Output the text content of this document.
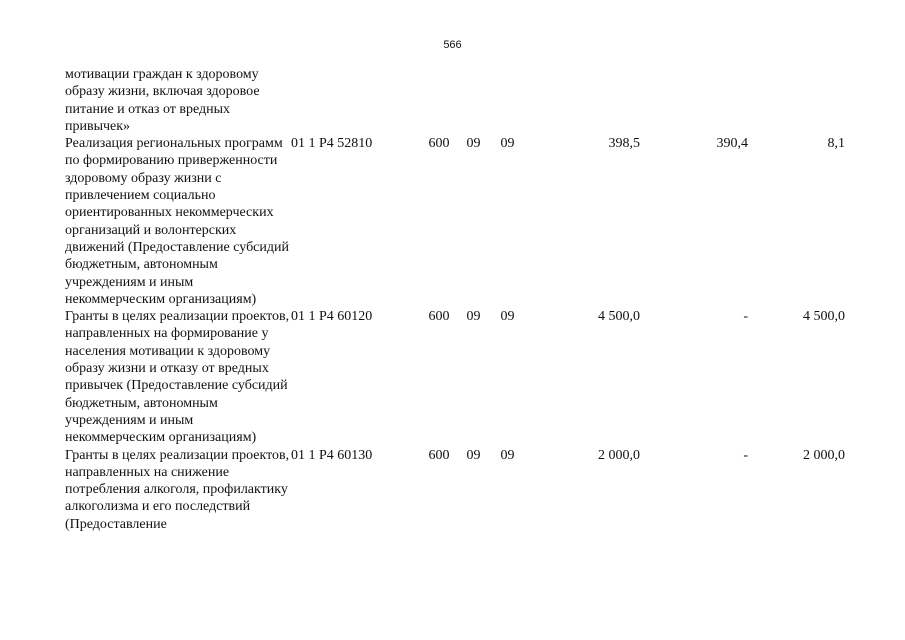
566
мотивации граждан к здоровому образу жизни, включая здоровое питание и отказ от вредных привычек»							
Реализация региональных программ по формированию приверженности здоровому образу жизни с привлечением социально ориентированных некоммерческих организаций и волонтерских движений (Предоставление субсидий бюджетным, автономным учреждениям и иным некоммерческим организациям)	01 1 P4 52810	600	09	09	398,5	390,4	8,1
Гранты в целях реализации проектов, направленных на формирование у населения мотивации к здоровому образу жизни и отказу от вредных привычек (Предоставление субсидий бюджетным, автономным учреждениям и иным некоммерческим организациям)	01 1 P4 60120	600	09	09	4 500,0	-	4 500,0
Гранты в целях реализации проектов, направленных на снижение потребления алкоголя, профилактику алкоголизма и его последствий (Предоставление	01 1 P4 60130	600	09	09	2 000,0	-	2 000,0
